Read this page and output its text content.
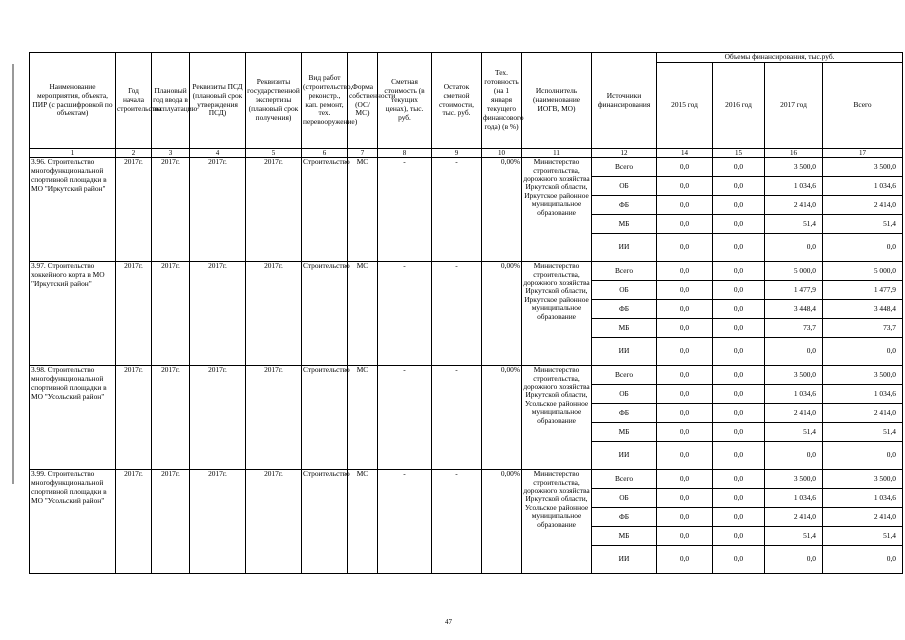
Наименование мероприятия, объекта, ПИР (с расшифровкой по объектам)	Год начала строительства	Плановый год ввода в эксплуатацию	Реквизиты ПСД (плановый срок утверждения ПСД)	Реквизиты государственной экспертизы (плановый срок получения)	Вид работ (строительство, реконстр., кап. ремонт, тех. перевооружение)	Форма собственности (ОС/МС)	Сметная стоимость (в текущих ценах), тыс. руб.	Остаток сметной стоимости, тыс. руб.	Тех. готовность (на 1 января текущего финансового года) (в %)	Исполнитель (наименование ИОГВ, МО)	Источники финансирования	Объемы финансирования, тыс.руб.			
												2015 год	2016 год	2017 год	Всего
1	2	3	4	5	6	7	8	9	10	11	12	14	15	16	17
3.96. Строительство многофункциональной спортивной площадки в МО "Иркутский район"	2017г.	2017г.	2017г.	2017г.	Строительство	МС	-	-	0,00%	Министерство строительства, дорожного хозяйства Иркутской области, Иркутское районное муниципальное образование	Всего	0,0	0,0	3 500,0	3 500,0
											ОБ	0,0	0,0	1 034,6	1 034,6
											ФБ	0,0	0,0	2 414,0	2 414,0
											МБ	0,0	0,0	51,4	51,4
											ИИ	0,0	0,0	0,0	0,0
3.97. Строительство хоккейного корта в МО "Иркутский район"	2017г.	2017г.	2017г.	2017г.	Строительство	МС	-	-	0,00%	Министерство строительства, дорожного хозяйства Иркутской области, Иркутское районное муниципальное образование	Всего	0,0	0,0	5 000,0	5 000,0
											ОБ	0,0	0,0	1 477,9	1 477,9
											ФБ	0,0	0,0	3 448,4	3 448,4
											МБ	0,0	0,0	73,7	73,7
											ИИ	0,0	0,0	0,0	0,0
3.98. Строительство многофункциональной спортивной площадки в МО "Усольский район"	2017г.	2017г.	2017г.	2017г.	Строительство	МС	-	-	0,00%	Министерство строительства, дорожного хозяйства Иркутской области, Усольское районное муниципальное образование	Всего	0,0	0,0	3 500,0	3 500,0
											ОБ	0,0	0,0	1 034,6	1 034,6
											ФБ	0,0	0,0	2 414,0	2 414,0
											МБ	0,0	0,0	51,4	51,4
											ИИ	0,0	0,0	0,0	0,0
3.99. Строительство многофункциональной спортивной площадки в МО "Усольский район"	2017г.	2017г.	2017г.	2017г.	Строительство	МС	-	-	0,00%	Министерство строительства, дорожного хозяйства Иркутской области, Усольское районное муниципальное образование	Всего	0,0	0,0	3 500,0	3 500,0
											ОБ	0,0	0,0	1 034,6	1 034,6
											ФБ	0,0	0,0	2 414,0	2 414,0
											МБ	0,0	0,0	51,4	51,4
											ИИ	0,0	0,0	0,0	0,0
47
